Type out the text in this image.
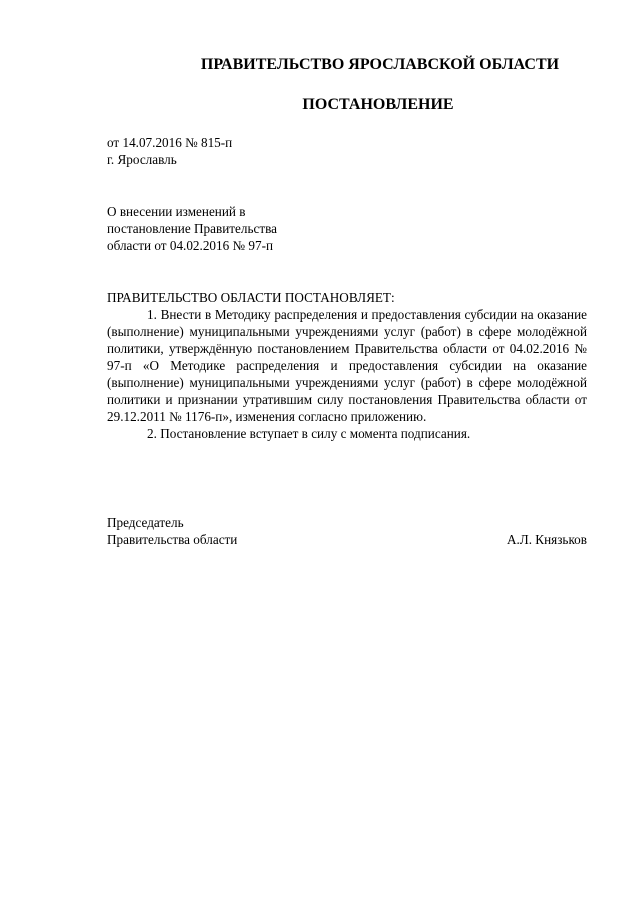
ПРАВИТЕЛЬСТВО ЯРОСЛАВСКОЙ ОБЛАСТИ
ПОСТАНОВЛЕНИЕ
от 14.07.2016 № 815-п
г. Ярославль
О внесении изменений в
постановление Правительства
области от 04.02.2016 № 97-п
ПРАВИТЕЛЬСТВО ОБЛАСТИ ПОСТАНОВЛЯЕТ:

1. Внести в Методику распределения и предоставления субсидии на оказание (выполнение) муниципальными учреждениями услуг (работ) в сфере молодёжной политики, утверждённую постановлением Правительства области от 04.02.2016 № 97-п «О Методике распределения и предоставления субсидии на оказание (выполнение) муниципальными учреждениями услуг (работ) в сфере молодёжной политики и признании утратившим силу постановления Правительства области от 29.12.2011 № 1176-п», изменения согласно приложению.

2. Постановление вступает в силу с момента подписания.

Председатель
Правительства области	А.Л. Князьков
